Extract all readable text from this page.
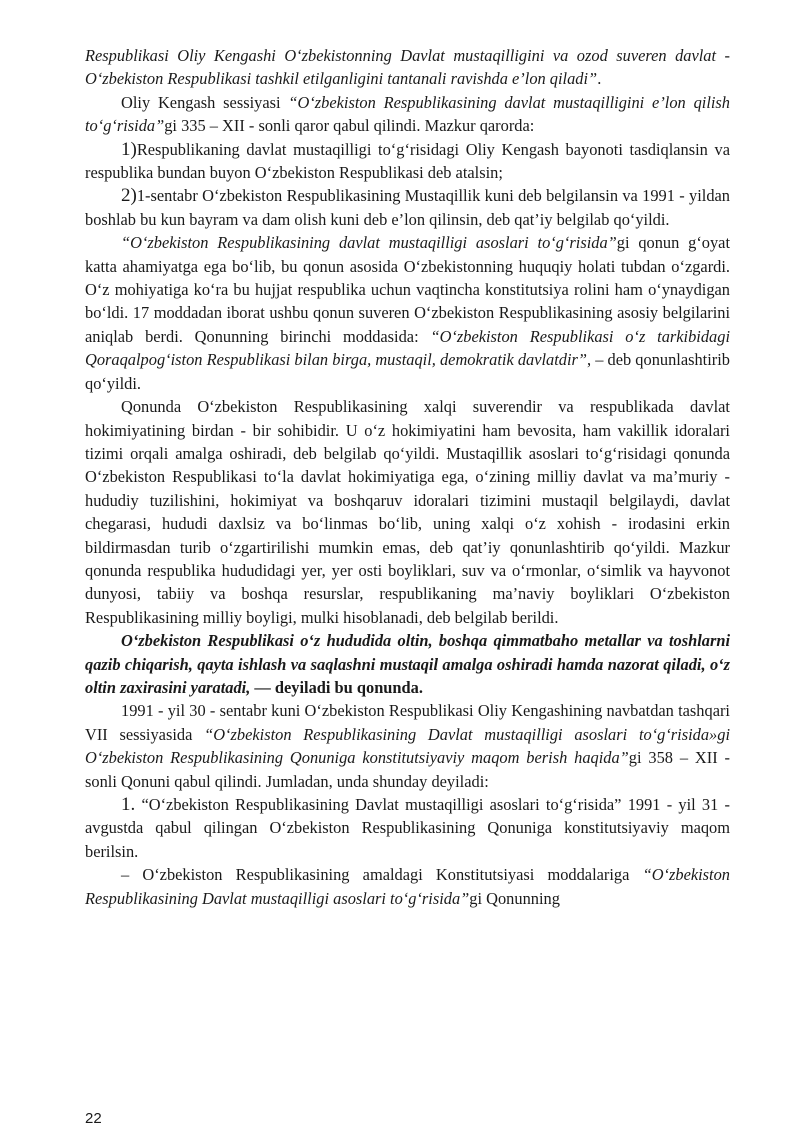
Respublikasi Oliy Kengashi O‘zbekistonning Davlat mustaqilligini va ozod suveren davlat - O‘zbekiston Respublikasi tashkil etilganligini tantanali ravishda e’lon qiladi”.

Oliy Kengash sessiyasi “O‘zbekiston Respublikasining davlat mustaqilligini e’lon qilish to‘g‘risida”gi 335 – XII - sonli qaror qabul qilindi. Mazkur qarorda:

1)Respublikaning davlat mustaqilligi to‘g‘risidagi Oliy Kengash bayonoti tasdiqlansin va respublika bundan buyon O‘zbekiston Respublikasi deb atalsin;

2)1-sentabr O‘zbekiston Respublikasining Mustaqillik kuni deb belgilansin va 1991 - yildan boshlab bu kun bayram va dam olish kuni deb e’lon qilinsin, deb qat’iy belgilab qo‘yildi.

“O‘zbekiston Respublikasining davlat mustaqilligi asoslari to‘g‘risida”gi qonun g‘oyat katta ahamiyatga ega bo‘lib, bu qonun asosida O‘zbekistonning huquqiy holati tubdan o‘zgardi. O‘z mohiyatiga ko‘ra bu hujjat respublika uchun vaqtincha konstitutsiya rolini ham o‘ynaydigan bo‘ldi. 17 moddadan iborat ushbu qonun suveren O‘zbekiston Respublikasining asosiy belgilarini aniqlab berdi. Qonunning birinchi moddasida: “O‘zbekiston Respublikasi o‘z tarkibidagi Qoraqalpog‘iston Respublikasi bilan birga, mustaqil, demokratik davlatdir”, – deb qonunlashtirib qo‘yildi.

Qonunda O‘zbekiston Respublikasining xalqi suverendir va respublikada davlat hokimiyatining birdan - bir sohibidir. U o‘z hokimiyatini ham bevosita, ham vakillik idoralari tizimi orqali amalga oshiradi, deb belgilab qo‘yildi. Mustaqillik asoslari to‘g‘risidagi qonunda O‘zbekiston Respublikasi to‘la davlat hokimiyatiga ega, o‘zining milliy davlat va ma’muriy - hududiy tuzilishini, hokimiyat va boshqaruv idoralari tizimini mustaqil belgilaydi, davlat chegarasi, hududi daxlsiz va bo‘linmas bo‘lib, uning xalqi o‘z xohish - irodasini erkin bildirmasdan turib o‘zgartirilishi mumkin emas, deb qat’iy qonunlashtirib qo‘yildi. Mazkur qonunda respublika hududidagi yer, yer osti boyliklari, suv va o‘rmonlar, o‘simlik va hayvonot dunyosi, tabiiy va boshqa resurslar, respublikaning ma’naviy boyliklari O‘zbekiston Respublikasining milliy boyligi, mulki hisoblanadi, deb belgilab berildi.

O‘zbekiston Respublikasi o‘z hududida oltin, boshqa qimmatbaho metallar va toshlarni qazib chiqarish, qayta ishlash va saqlashni mustaqil amalga oshiradi hamda nazorat qiladi, o‘z oltin zaxirasini yaratadi, — deyiladi bu qonunda.

1991 - yil 30 - sentabr kuni O‘zbekiston Respublikasi Oliy Kengashining navbatdan tashqari VII sessiyasida “O‘zbekiston Respublikasining Davlat mustaqilligi asoslari to‘g‘risida»gi O‘zbekiston Respublikasining Qonuniga konstitutsiyaviy maqom berish haqida”gi 358 – XII - sonli Qonuni qabul qilindi. Jumladan, unda shunday deyiladi:

1. “O‘zbekiston Respublikasining Davlat mustaqilligi asoslari to‘g‘risida” 1991 - yil 31 - avgustda qabul qilingan O‘zbekiston Respublikasining Qonuniga konstitutsiyaviy maqom berilsin.

– O‘zbekiston Respublikasining amaldagi Konstitutsiyasi moddalariga “O‘zbekiston Respublikasining Davlat mustaqilligi asoslari to‘g‘risida”gi Qonunning

22
